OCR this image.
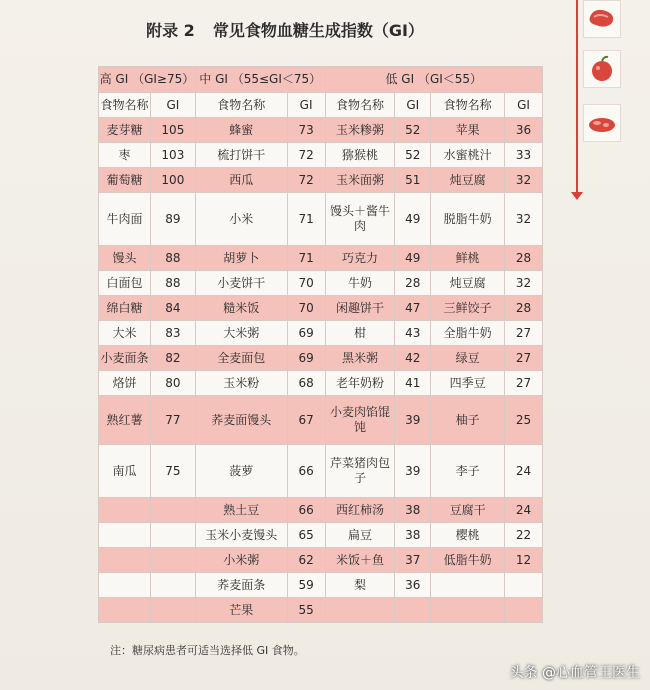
附录 2 常见食物血糖生成指数（GI）
高 GI （GI≥75）		中 GI （55≤GI＜75）		低 GI （GI＜55）			
食物名称	GI	食物名称	GI	食物名称	GI	食物名称	GI
麦芽糖	105	蜂蜜	73	玉米糁粥	52	苹果	36
枣	103	梳打饼干	72	猕猴桃	52	水蜜桃汁	33
葡萄糖	100	西瓜	72	玉米面粥	51	炖豆腐	32
牛肉面	89	小米	71	馒头＋酱牛肉	49	脱脂牛奶	32
馒头	88	胡萝卜	71	巧克力	49	鲜桃	28
白面包	88	小麦饼干	70	牛奶	28	炖豆腐	32
绵白糖	84	糙米饭	70	闲趣饼干	47	三鲜饺子	28
大米	83	大米粥	69	柑	43	全脂牛奶	27
小麦面条	82	全麦面包	69	黑米粥	42	绿豆	27
烙饼	80	玉米粉	68	老年奶粉	41	四季豆	27
熟红薯	77	荞麦面馒头	67	小麦肉馅馄饨	39	柚子	25
南瓜	75	菠萝	66	芹菜猪肉包子	39	李子	24
		熟土豆	66	西红柿汤	38	豆腐干	24
		玉米小麦馒头	65	扁豆	38	樱桃	22
		小米粥	62	米饭＋鱼	37	低脂牛奶	12
		荞麦面条	59	梨	36		
		芒果	55				
注：糖尿病患者可适当选择低 GI 食物。
头条 @心血管王医生
